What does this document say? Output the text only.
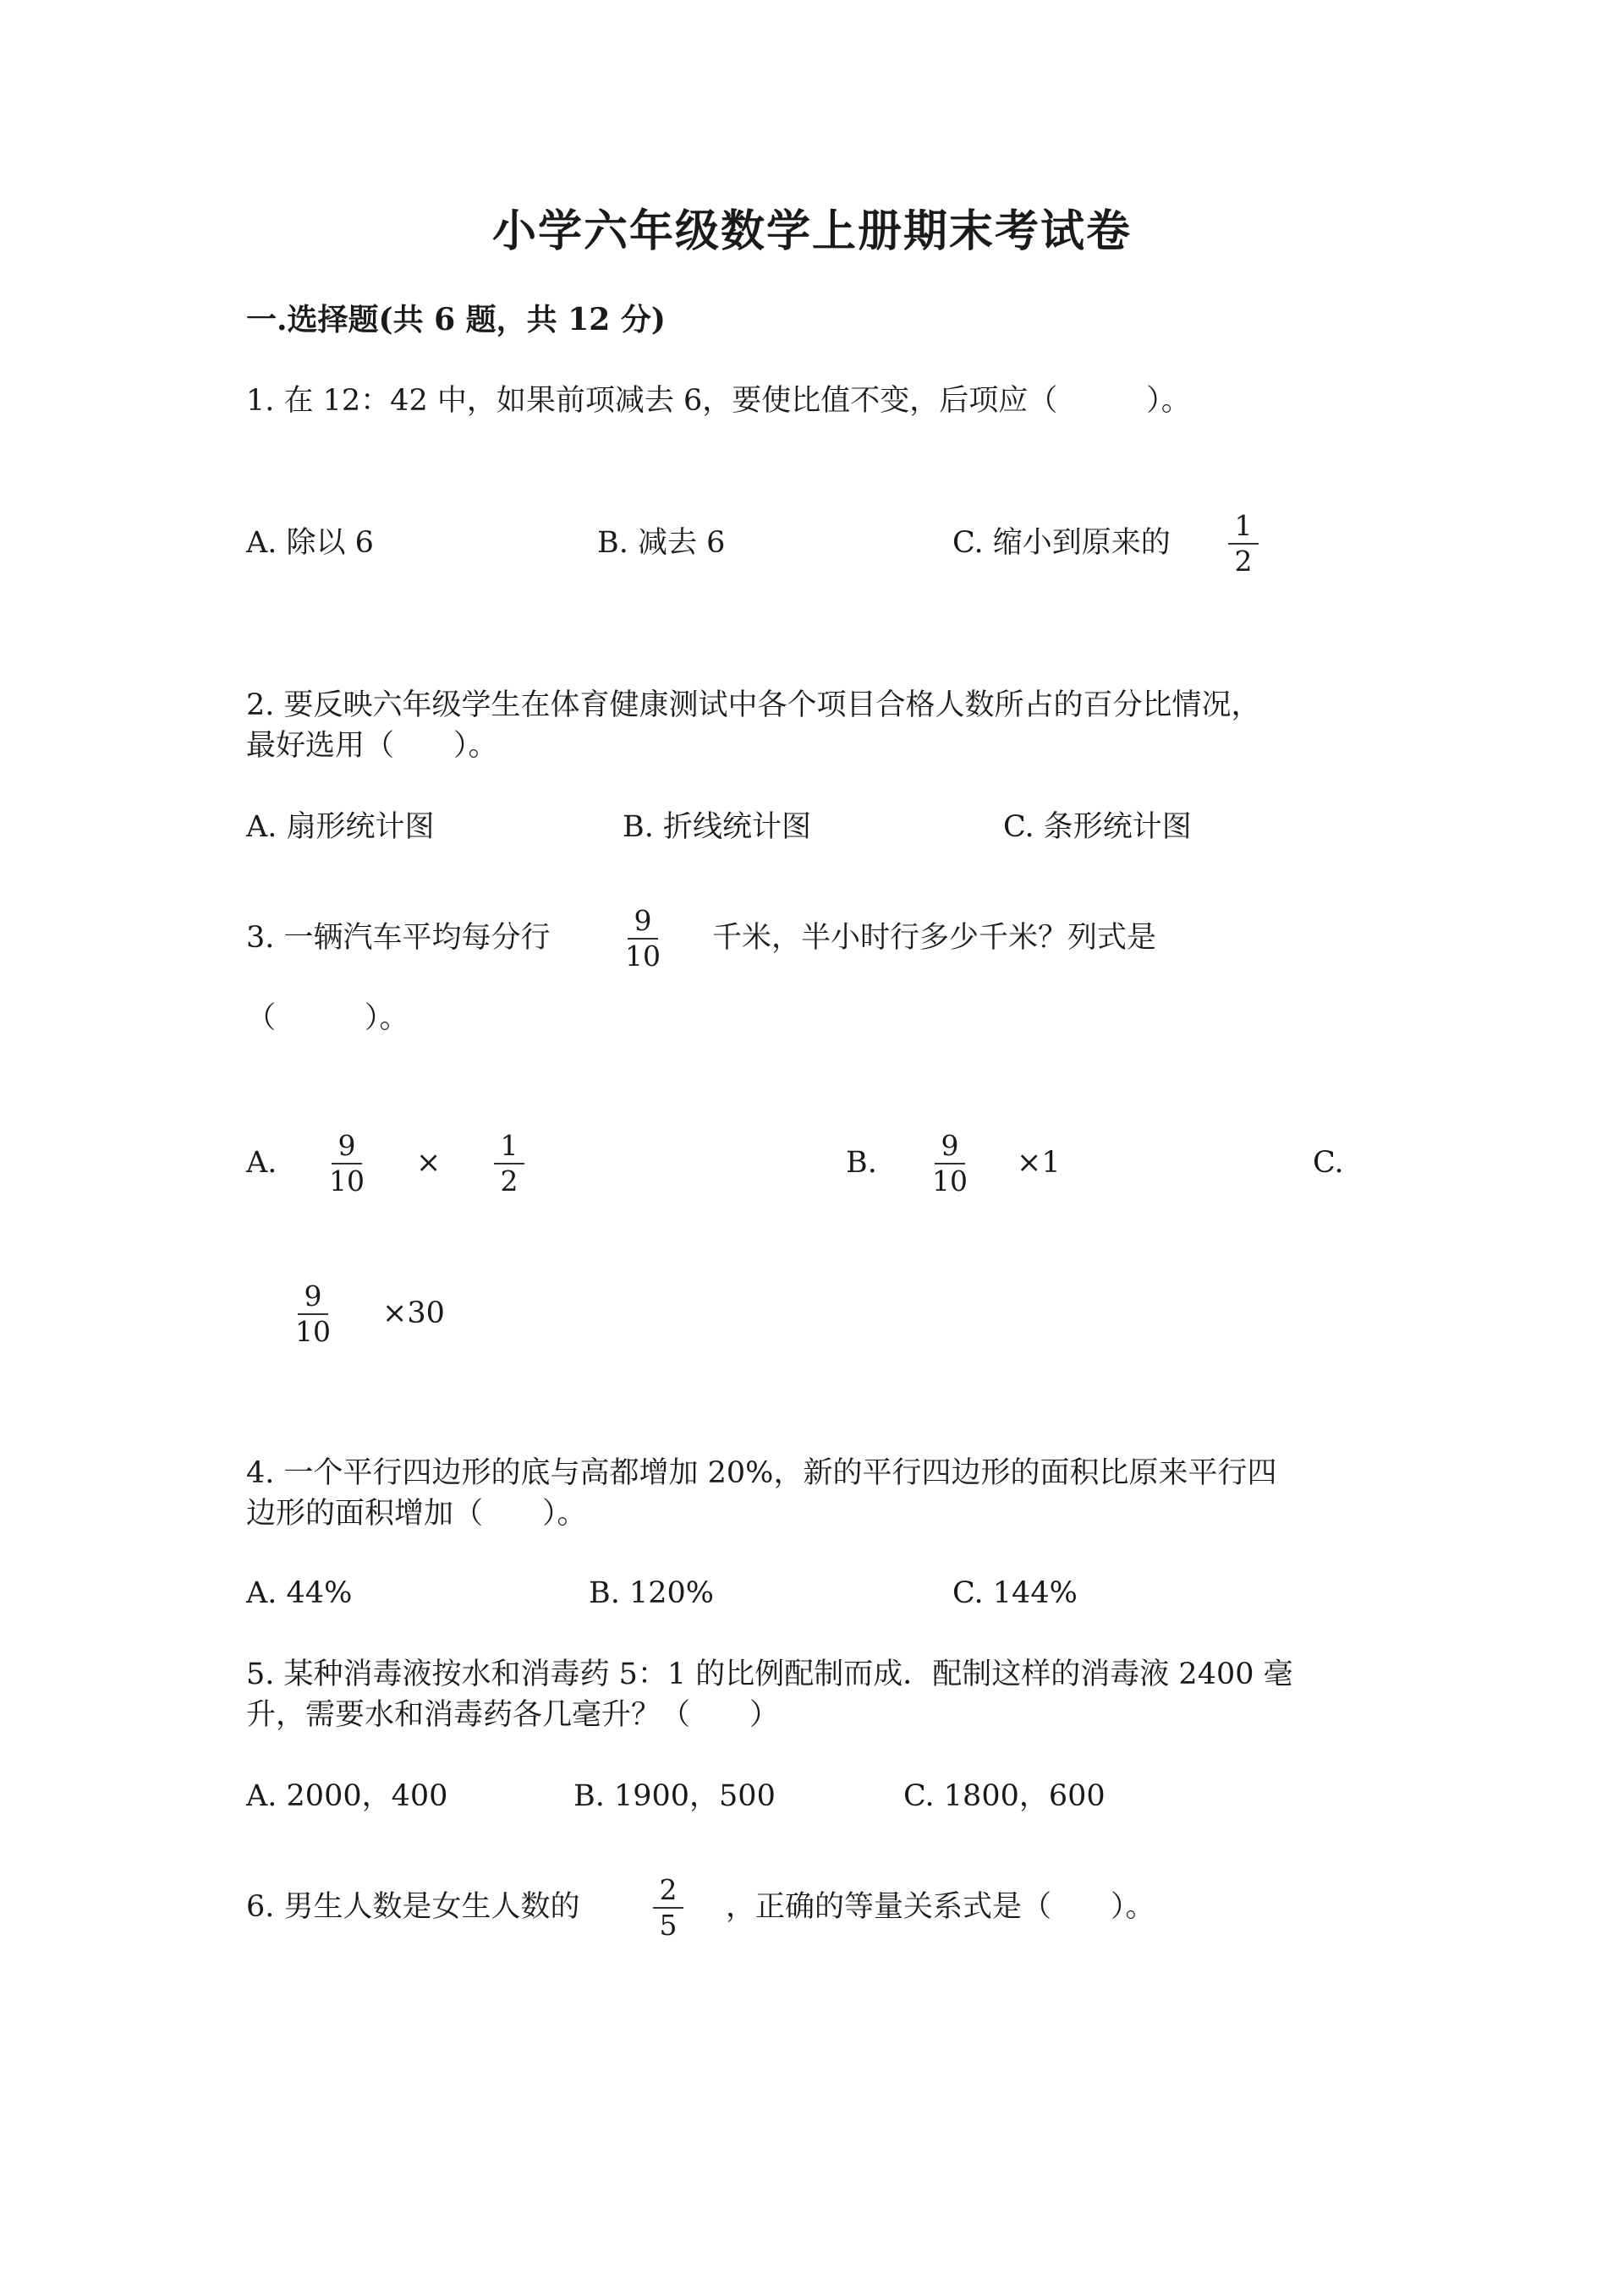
小学六年级数学上册期末考试卷
一.选择题(共 6 题，共 12 分)
1. 在 12：42 中，如果前项减去 6，要使比值不变，后项应（　　　）。
A. 除以 6	B. 减去 6	C. 缩小到原来的
1
2
2. 要反映六年级学生在体育健康测试中各个项目合格人数所占的百分比情况，
最好选用（　　）。
A. 扇形统计图	B. 折线统计图	C. 条形统计图
3. 一辆汽车平均每分行
9
10
千米，半小时行多少千米？列式是
（　　　）。
A.
9
10
×
1
2
B.
9
10
×1	C.
9
10
×30
4. 一个平行四边形的底与高都增加 20%，新的平行四边形的面积比原来平行四
边形的面积增加（　　）。
A. 44%	B. 120%	C. 144%
5. 某种消毒液按水和消毒药 5：1 的比例配制而成．配制这样的消毒液 2400 毫
升，需要水和消毒药各几毫升？（　　）
A. 2000，400	B. 1900，500	C. 1800，600
6. 男生人数是女生人数的
2
5
，正确的等量关系式是（　　）。
